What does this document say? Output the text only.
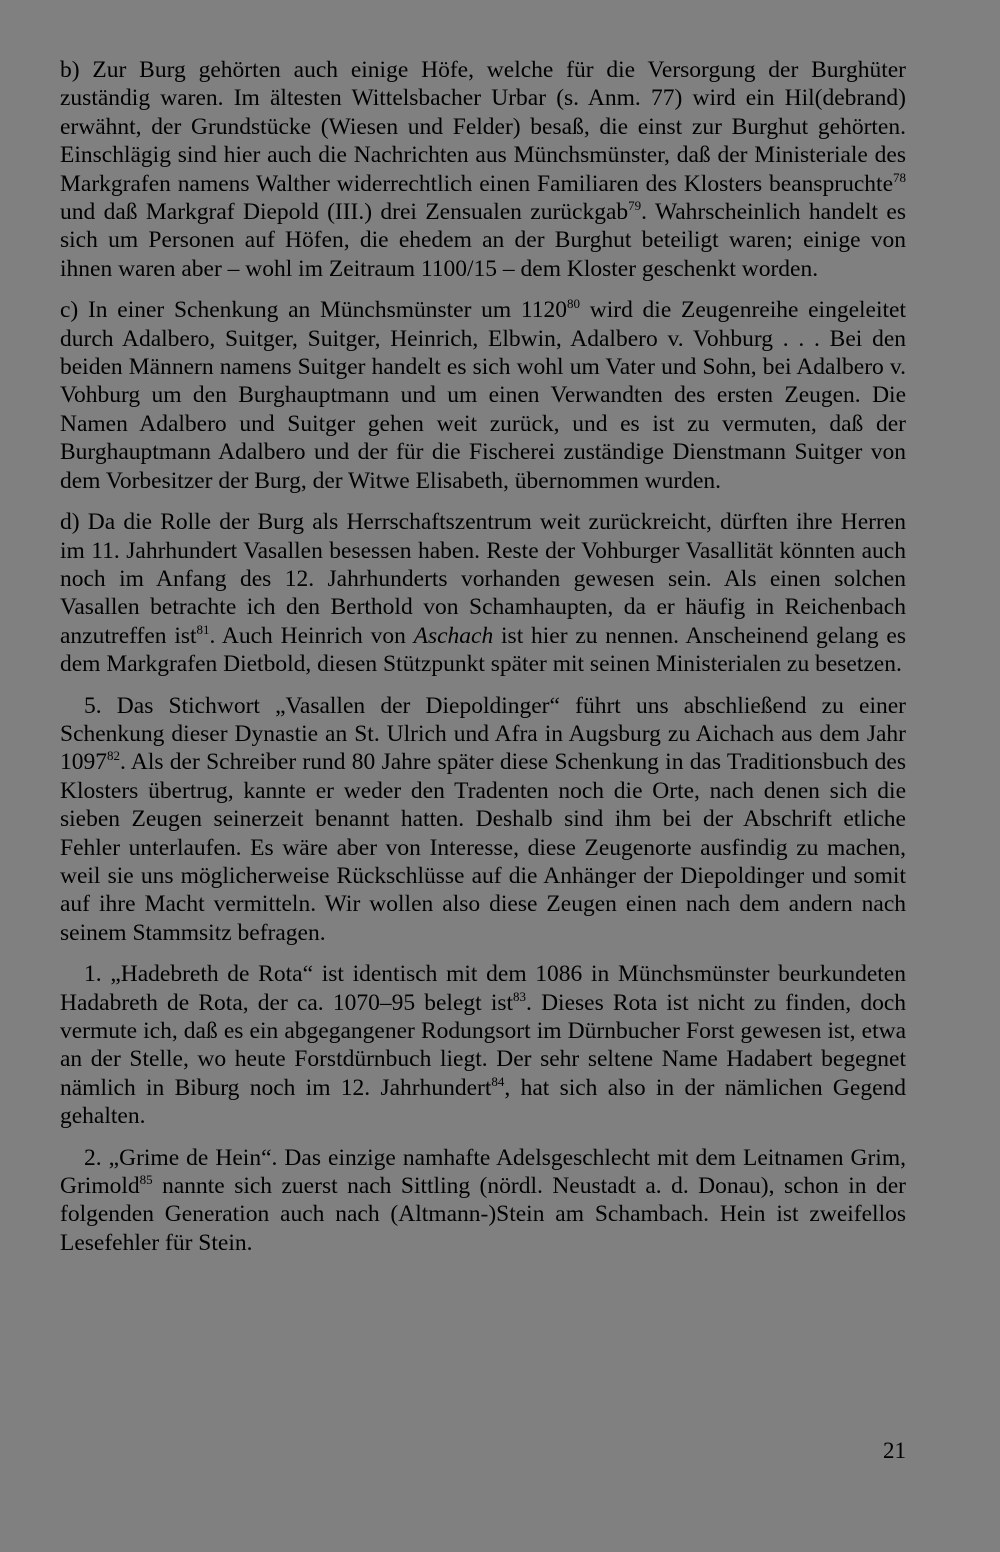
b) Zur Burg gehörten auch einige Höfe, welche für die Versorgung der Burghüter zuständig waren. Im ältesten Wittelsbacher Urbar (s. Anm. 77) wird ein Hil(debrand) erwähnt, der Grundstücke (Wiesen und Felder) besaß, die einst zur Burghut gehörten. Einschlägig sind hier auch die Nachrichten aus Münchsmünster, daß der Ministeriale des Markgrafen namens Walther widerrechtlich einen Familiaren des Klosters beanspruchte$^{78}$ und daß Markgraf Diepold (III.) drei Zensualen zurückgab$^{79}$. Wahrscheinlich handelt es sich um Personen auf Höfen, die ehedem an der Burghut beteiligt waren; einige von ihnen waren aber – wohl im Zeitraum 1100/15 – dem Kloster geschenkt worden.

c) In einer Schenkung an Münchsmünster um 1120$^{80}$ wird die Zeugenreihe eingeleitet durch Adalbero, Suitger, Suitger, Heinrich, Elbwin, Adalbero v. Vohburg . . . Bei den beiden Männern namens Suitger handelt es sich wohl um Vater und Sohn, bei Adalbero v. Vohburg um den Burghauptmann und um einen Verwandten des ersten Zeugen. Die Namen Adalbero und Suitger gehen weit zurück, und es ist zu vermuten, daß der Burghauptmann Adalbero und der für die Fischerei zuständige Dienstmann Suitger von dem Vorbesitzer der Burg, der Witwe Elisabeth, übernommen wurden.

d) Da die Rolle der Burg als Herrschaftszentrum weit zurückreicht, dürften ihre Herren im 11. Jahrhundert Vasallen besessen haben. Reste der Vohburger Vasallität könnten auch noch im Anfang des 12. Jahrhunderts vorhanden gewesen sein. Als einen solchen Vasallen betrachte ich den Berthold von Schamhaupten, da er häufig in Reichenbach anzutreffen ist$^{81}$. Auch Heinrich von Aschach ist hier zu nennen. Anscheinend gelang es dem Markgrafen Dietbold, diesen Stützpunkt später mit seinen Ministerialen zu besetzen.

5. Das Stichwort „Vasallen der Diepoldinger“ führt uns abschließend zu einer Schenkung dieser Dynastie an St. Ulrich und Afra in Augsburg zu Aichach aus dem Jahr 1097$^{82}$. Als der Schreiber rund 80 Jahre später diese Schenkung in das Traditionsbuch des Klosters übertrug, kannte er weder den Tradenten noch die Orte, nach denen sich die sieben Zeugen seinerzeit benannt hatten. Deshalb sind ihm bei der Abschrift etliche Fehler unterlaufen. Es wäre aber von Interesse, diese Zeugenorte ausfindig zu machen, weil sie uns möglicherweise Rückschlüsse auf die Anhänger der Diepoldinger und somit auf ihre Macht vermitteln. Wir wollen also diese Zeugen einen nach dem andern nach seinem Stammsitz befragen.

1. „Hadebreth de Rota“ ist identisch mit dem 1086 in Münchsmünster beurkundeten Hadabreth de Rota, der ca. 1070–95 belegt ist$^{83}$. Dieses Rota ist nicht zu finden, doch vermute ich, daß es ein abgegangener Rodungsort im Dürnbucher Forst gewesen ist, etwa an der Stelle, wo heute Forstdürnbuch liegt. Der sehr seltene Name Hadabert begegnet nämlich in Biburg noch im 12. Jahrhundert$^{84}$, hat sich also in der nämlichen Gegend gehalten.

2. „Grime de Hein“. Das einzige namhafte Adelsgeschlecht mit dem Leitnamen Grim, Grimold$^{85}$ nannte sich zuerst nach Sittling (nördl. Neustadt a. d. Donau), schon in der folgenden Generation auch nach (Altmann-)Stein am Schambach. Hein ist zweifellos Lesefehler für Stein.

21
